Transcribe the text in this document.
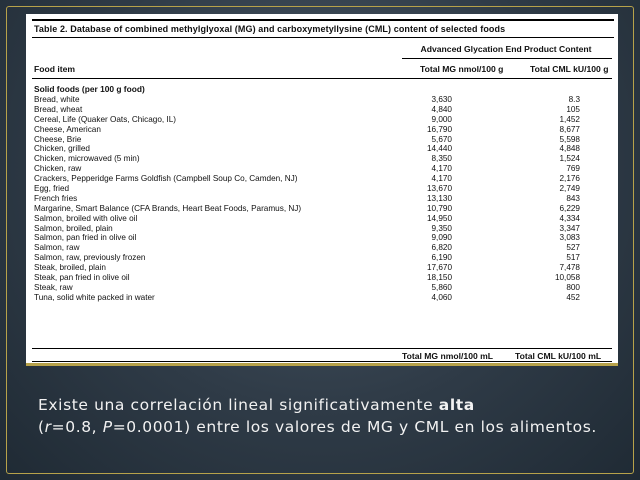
Table 2. Database of combined methylglyoxal (MG) and carboxymetyllysine (CML) content of selected foods
Advanced Glycation End Product Content
Food item	Total MG nmol/100 g	Total CML kU/100 g
Solid foods (per 100 g food)
Bread, white	3,630	8.3
Bread, wheat	4,840	105
Cereal, Life (Quaker Oats, Chicago, IL)	9,000	1,452
Cheese, American	16,790	8,677
Cheese, Brie	5,670	5,598
Chicken, grilled	14,440	4,848
Chicken, microwaved (5 min)	8,350	1,524
Chicken, raw	4,170	769
Crackers, Pepperidge Farms Goldfish (Campbell Soup Co, Camden, NJ)	4,170	2,176
Egg, fried	13,670	2,749
French fries	13,130	843
Margarine, Smart Balance (CFA Brands, Heart Beat Foods, Paramus, NJ)	10,790	6,229
Salmon, broiled with olive oil	14,950	4,334
Salmon, broiled, plain	9,350	3,347
Salmon, pan fried in olive oil	9,090	3,083
Salmon, raw	6,820	527
Salmon, raw, previously frozen	6,190	517
Steak, broiled, plain	17,670	7,478
Steak, pan fried in olive oil	18,150	10,058
Steak, raw	5,860	800
Tuna, solid white packed in water	4,060	452
Total MG nmol/100 mL	Total CML kU/100 mL
Existe una correlación lineal significativamente alta
(r=0.8, P=0.0001) entre los valores de MG y CML en los alimentos.
